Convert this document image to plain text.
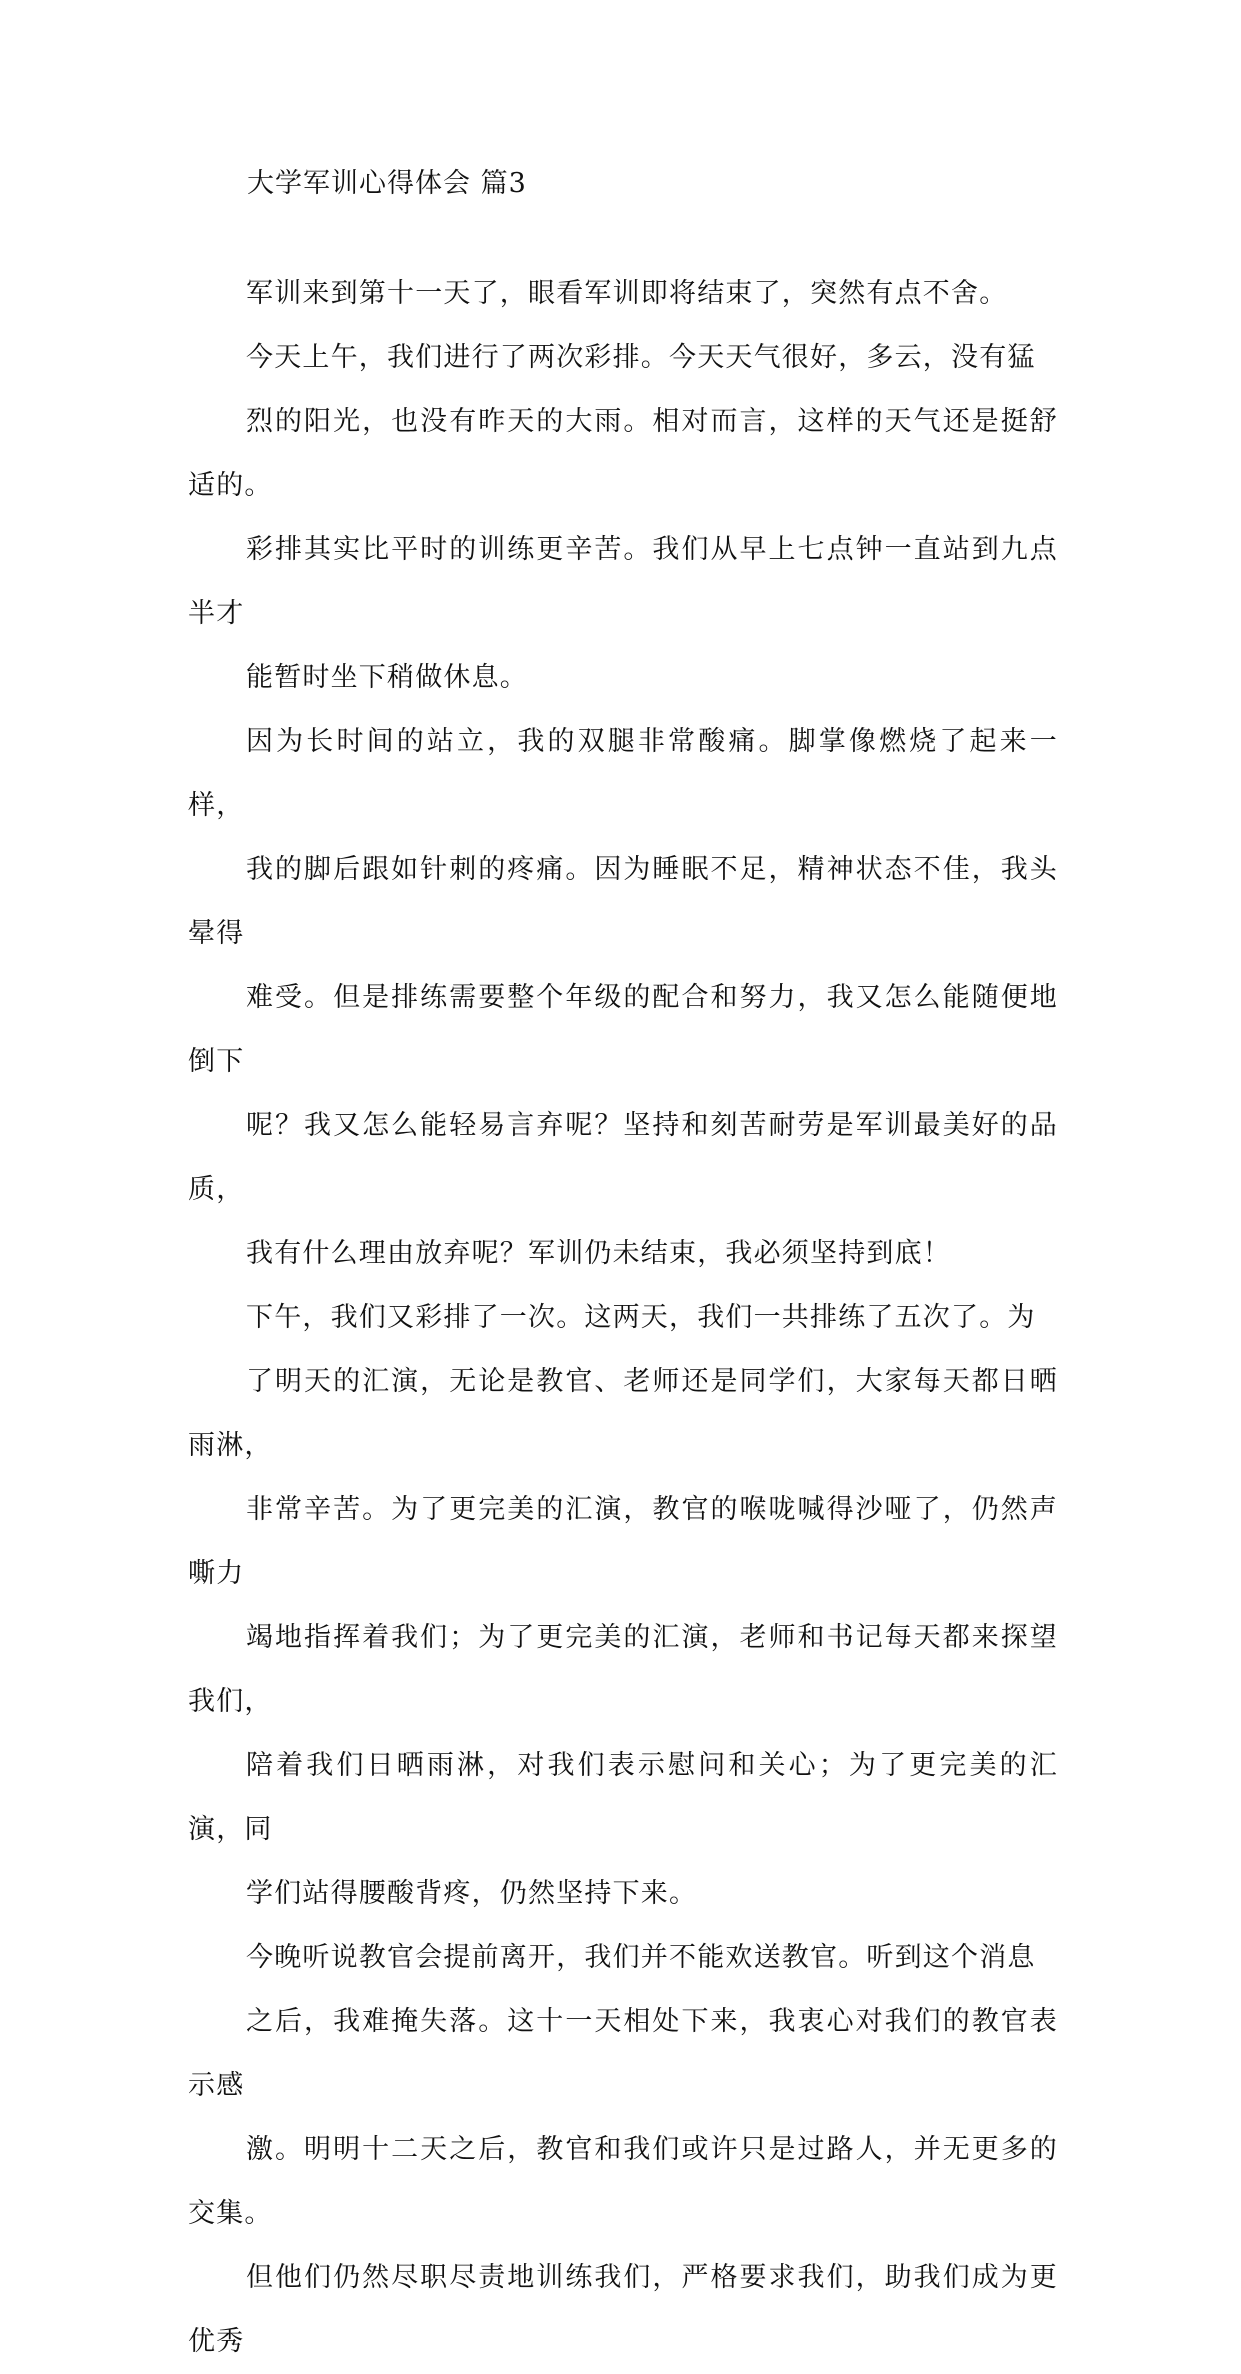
大学军训心得体会 篇3

军训来到第十一天了，眼看军训即将结束了，突然有点不舍。

今天上午，我们进行了两次彩排。今天天气很好，多云，没有猛
烈的阳光，也没有昨天的大雨。相对而言，这样的天气还是挺舒适的。
彩排其实比平时的训练更辛苦。我们从早上七点钟一直站到九点半才
能暂时坐下稍做休息。

因为长时间的站立，我的双腿非常酸痛。脚掌像燃烧了起来一样，
我的脚后跟如针刺的疼痛。因为睡眠不足，精神状态不佳，我头晕得
难受。但是排练需要整个年级的配合和努力，我又怎么能随便地倒下
呢？我又怎么能轻易言弃呢？坚持和刻苦耐劳是军训最美好的品质，
我有什么理由放弃呢？军训仍未结束，我必须坚持到底！

下午，我们又彩排了一次。这两天，我们一共排练了五次了。为
了明天的汇演，无论是教官、老师还是同学们，大家每天都日晒雨淋，
非常辛苦。为了更完美的汇演，教官的喉咙喊得沙哑了，仍然声嘶力
竭地指挥着我们；为了更完美的汇演，老师和书记每天都来探望我们，
陪着我们日晒雨淋，对我们表示慰问和关心；为了更完美的汇演，同
学们站得腰酸背疼，仍然坚持下来。

今晚听说教官会提前离开，我们并不能欢送教官。听到这个消息
之后，我难掩失落。这十一天相处下来，我衷心对我们的教官表示感
激。明明十二天之后，教官和我们或许只是过路人，并无更多的交集。
但他们仍然尽职尽责地训练我们，严格要求我们，助我们成为更优秀
